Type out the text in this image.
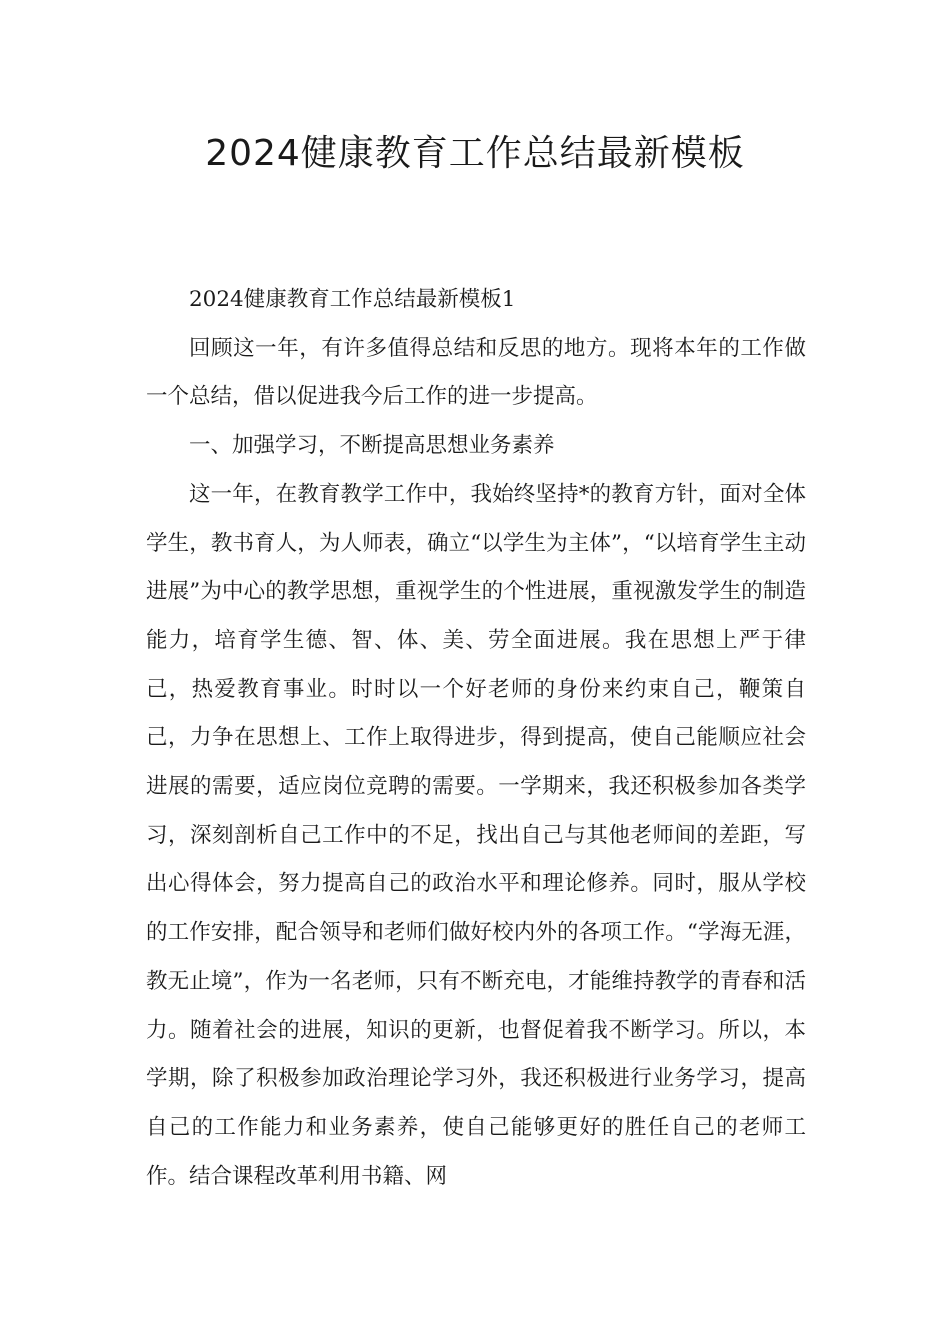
2024健康教育工作总结最新模板

2024健康教育工作总结最新模板1

回顾这一年，有许多值得总结和反思的地方。现将本年的工作做一个总结，借以促进我今后工作的进一步提高。

一、加强学习，不断提高思想业务素养

这一年，在教育教学工作中，我始终坚持*的教育方针，面对全体学生，教书育人，为人师表，确立“以学生为主体”，“以培育学生主动进展”为中心的教学思想，重视学生的个性进展，重视激发学生的制造能力，培育学生德、智、体、美、劳全面进展。我在思想上严于律己，热爱教育事业。时时以一个好老师的身份来约束自己，鞭策自己，力争在思想上、工作上取得进步，得到提高，使自己能顺应社会进展的需要，适应岗位竞聘的需要。一学期来，我还积极参加各类学习，深刻剖析自己工作中的不足，找出自己与其他老师间的差距，写出心得体会，努力提高自己的政治水平和理论修养。同时，服从学校的工作安排，配合领导和老师们做好校内外的各项工作。“学海无涯，教无止境”，作为一名老师，只有不断充电，才能维持教学的青春和活力。随着社会的进展，知识的更新，也督促着我不断学习。所以，本学期，除了积极参加政治理论学习外，我还积极进行业务学习，提高自己的工作能力和业务素养，使自己能够更好的胜任自己的老师工作。结合课程改革利用书籍、网
